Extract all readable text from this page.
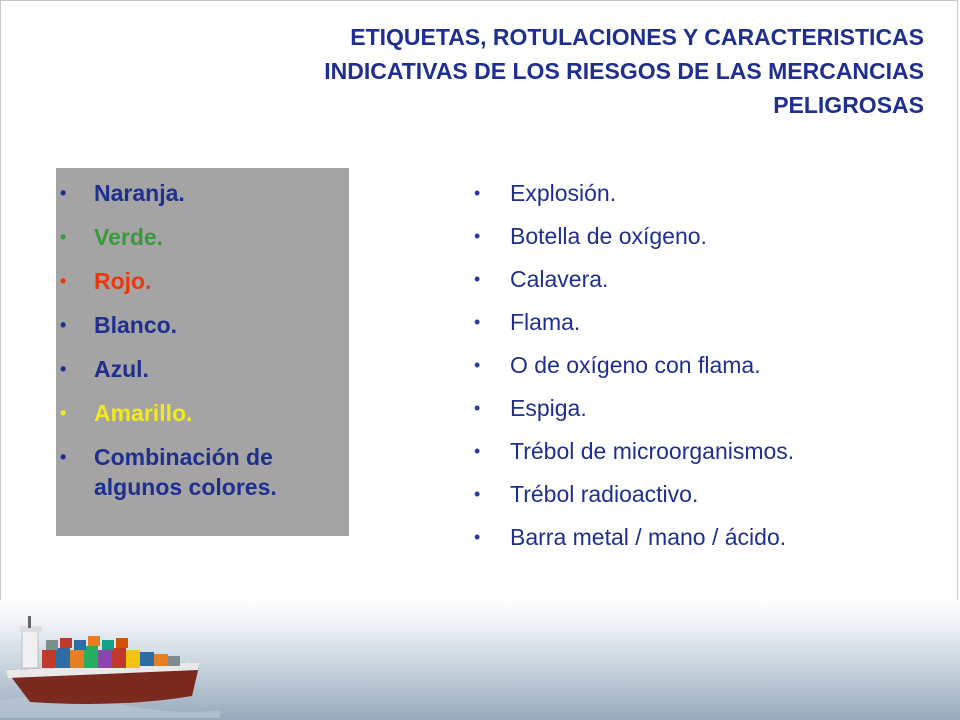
ETIQUETAS, ROTULACIONES Y CARACTERISTICAS
INDICATIVAS DE LOS RIESGOS DE LAS MERCANCIAS
PELIGROSAS
• Naranja.
• Verde.
• Rojo.
• Blanco.
• Azul.
• Amarillo.
• Combinación de algunos colores.
• Explosión.
• Botella de oxígeno.
• Calavera.
• Flama.
• O de oxígeno con flama.
• Espiga.
• Trébol de microorganismos.
• Trébol radioactivo.
• Barra metal / mano / ácido.
